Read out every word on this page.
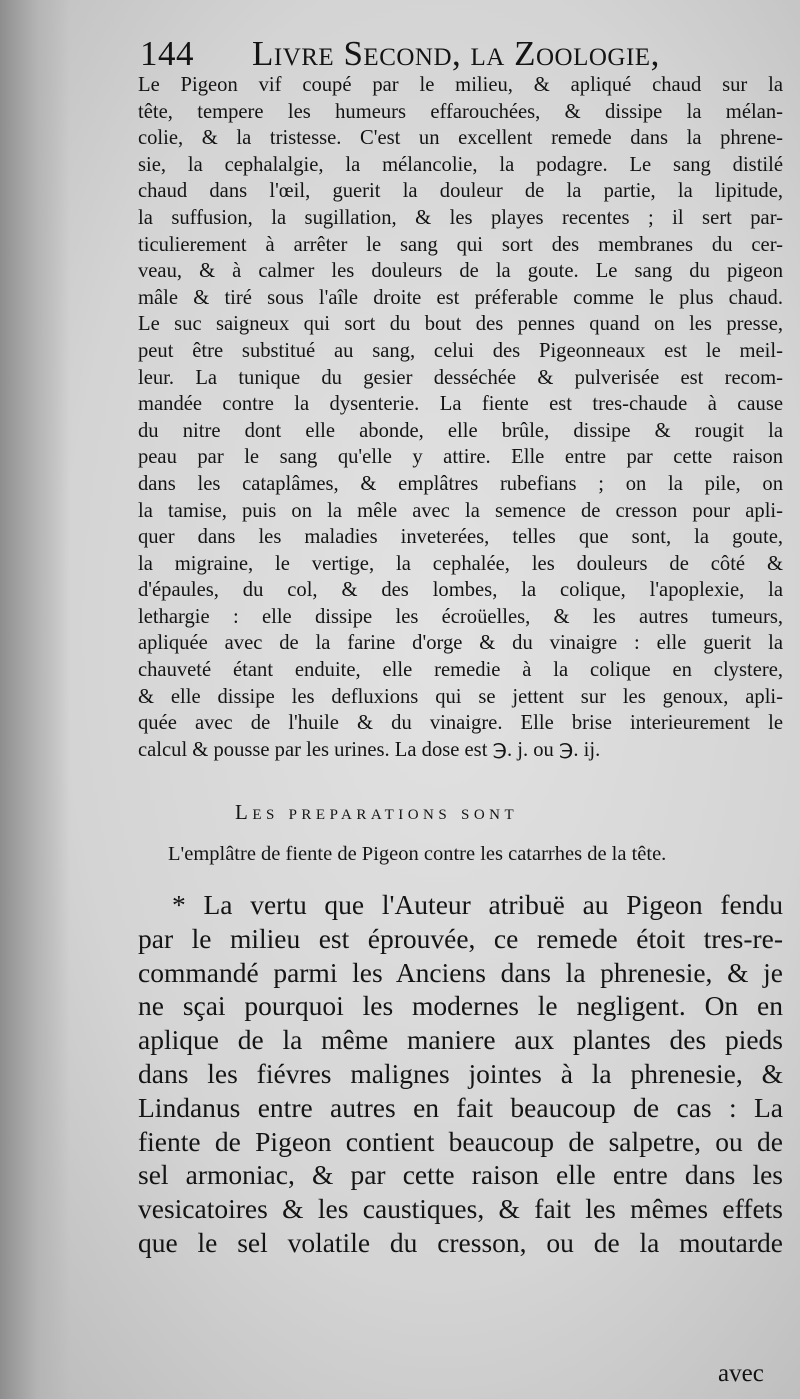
144 Livre Second, la Zoologie,
Le Pigeon vif coupé par le milieu, & apliqué chaud sur la
tête, tempere les humeurs effarouchées, & dissipe la mélan-
colie, & la tristesse. C'est un excellent remede dans la phrene-
sie, la cephalalgie, la mélancolie, la podagre. Le sang distilé
chaud dans l'œil, guerit la douleur de la partie, la lipitude,
la suffusion, la sugillation, & les playes recentes ; il sert par-
ticulierement à arrêter le sang qui sort des membranes du cer-
veau, & à calmer les douleurs de la goute. Le sang du pigeon
mâle & tiré sous l'aîle droite est préferable comme le plus chaud.
Le suc saigneux qui sort du bout des pennes quand on les presse,
peut être substitué au sang, celui des Pigeonneaux est le meil-
leur. La tunique du gesier desséchée & pulverisée est recom-
mandée contre la dysenterie. La fiente est tres-chaude à cause
du nitre dont elle abonde, elle brûle, dissipe & rougit la
peau par le sang qu'elle y attire. Elle entre par cette raison
dans les cataplâmes, & emplâtres rubefians ; on la pile, on
la tamise, puis on la mêle avec la semence de cresson pour apli-
quer dans les maladies inveterées, telles que sont, la goute,
la migraine, le vertige, la cephalée, les douleurs de côté &
d'épaules, du col, & des lombes, la colique, l'apoplexie, la
lethargie : elle dissipe les écroüelles, & les autres tumeurs,
apliquée avec de la farine d'orge & du vinaigre : elle guerit la
chauveté étant enduite, elle remedie à la colique en clystere,
& elle dissipe les defluxions qui se jettent sur les genoux, apli-
quée avec de l'huile & du vinaigre. Elle brise interieurement le
calcul & pousse par les urines. La dose est ℈. j. ou ℈. ij.
Les preparations sont
L'emplâtre de fiente de Pigeon contre les catarrhes de la tête.
* La vertu que l'Auteur atribuë au Pigeon fendu
par le milieu est éprouvée, ce remede étoit tres-re-
commandé parmi les Anciens dans la phrenesie, & je
ne sçai pourquoi les modernes le negligent. On en
aplique de la même maniere aux plantes des pieds
dans les fiévres malignes jointes à la phrenesie, &
Lindanus entre autres en fait beaucoup de cas : La
fiente de Pigeon contient beaucoup de salpetre, ou de
sel armoniac, & par cette raison elle entre dans les
vesicatoires & les caustiques, & fait les mêmes effets
que le sel volatile du cresson, ou de la moutarde
avec
